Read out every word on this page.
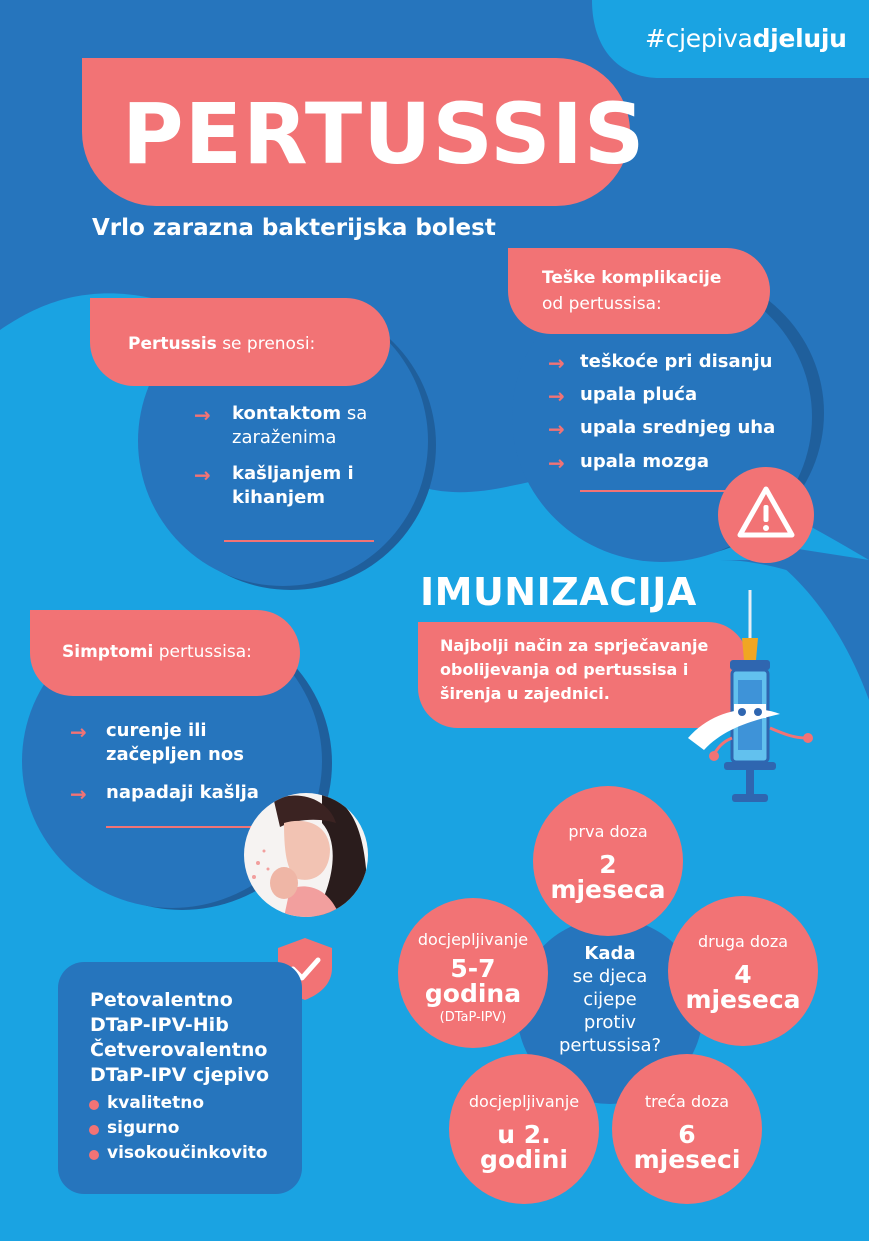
#cjepivadjeluju
PERTUSSIS
Vrlo zarazna bakterijska bolest
Pertussis se prenosi:
→ kontaktom sa zaraženima
→ kašljanjem i kihanjem
Teške komplikacije
od pertussisa:
→ teškoće pri disanju
→ upala pluća
→ upala srednjeg uha
→ upala mozga
Simptomi pertussisa:
→ curenje ili začepljen nos
→ napadaji kašlja
Petovalentno
DTaP-IPV-Hib
Četverovalentno
DTaP-IPV cjepivo
kvalitetno
sigurno
visokoučinkovito
IMUNIZACIJA
Najbolji način za sprječavanje obolijevanja od pertussisa i širenja u zajednici.
Kada
se djeca
cijepe
protiv
pertussisa?
prva doza
2
mjeseca
druga doza
4
mjeseca
treća doza
6
mjeseci
docjepljivanje
u 2.
godini
docjepljivanje
5-7
godina
(DTaP-IPV)
